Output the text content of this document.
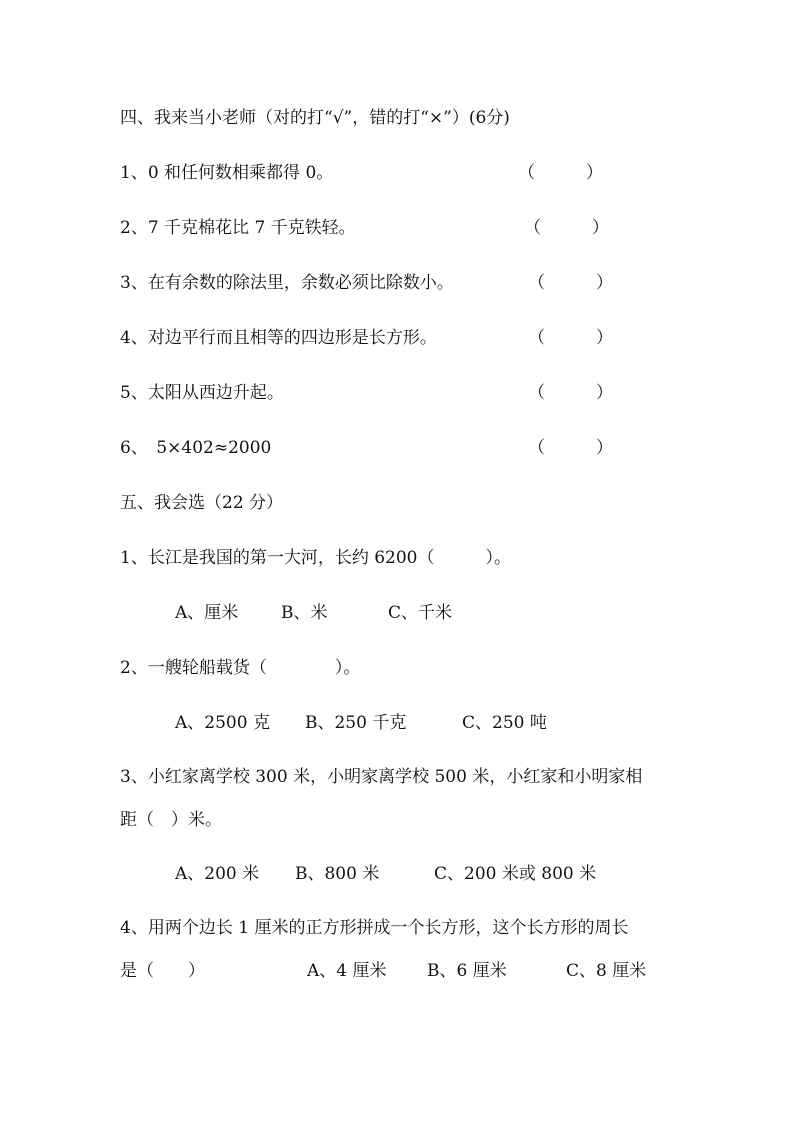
四、我来当小老师（对的打“√”，错的打“×”）(6分)
1、0 和任何数相乘都得 0。	（　　　）
2、7 千克棉花比 7 千克铁轻。	（　　　）
3、在有余数的除法里，余数必须比除数小。	（　　　）
4、对边平行而且相等的四边形是长方形。	（　　　）
5、太阳从西边升起。	（　　　）
6、　5×402≈2000	（　　　）
五、我会选（22 分）
1、长江是我国的第一大河，长约 6200（　　　）。
A、厘米	B、米	C、千米
2、一艘轮船载货（　　　　）。
A、2500 克 B、250 千克	C、250 吨
3、小红家离学校 300 米，小明家离学校 500 米，小红家和小明家相
距（　）米。
A、200 米 B、800 米	C、200 米或 800 米
4、用两个边长 1 厘米的正方形拼成一个长方形，这个长方形的周长
是（　　）	A、4 厘米 B、6 厘米	C、8 厘米
